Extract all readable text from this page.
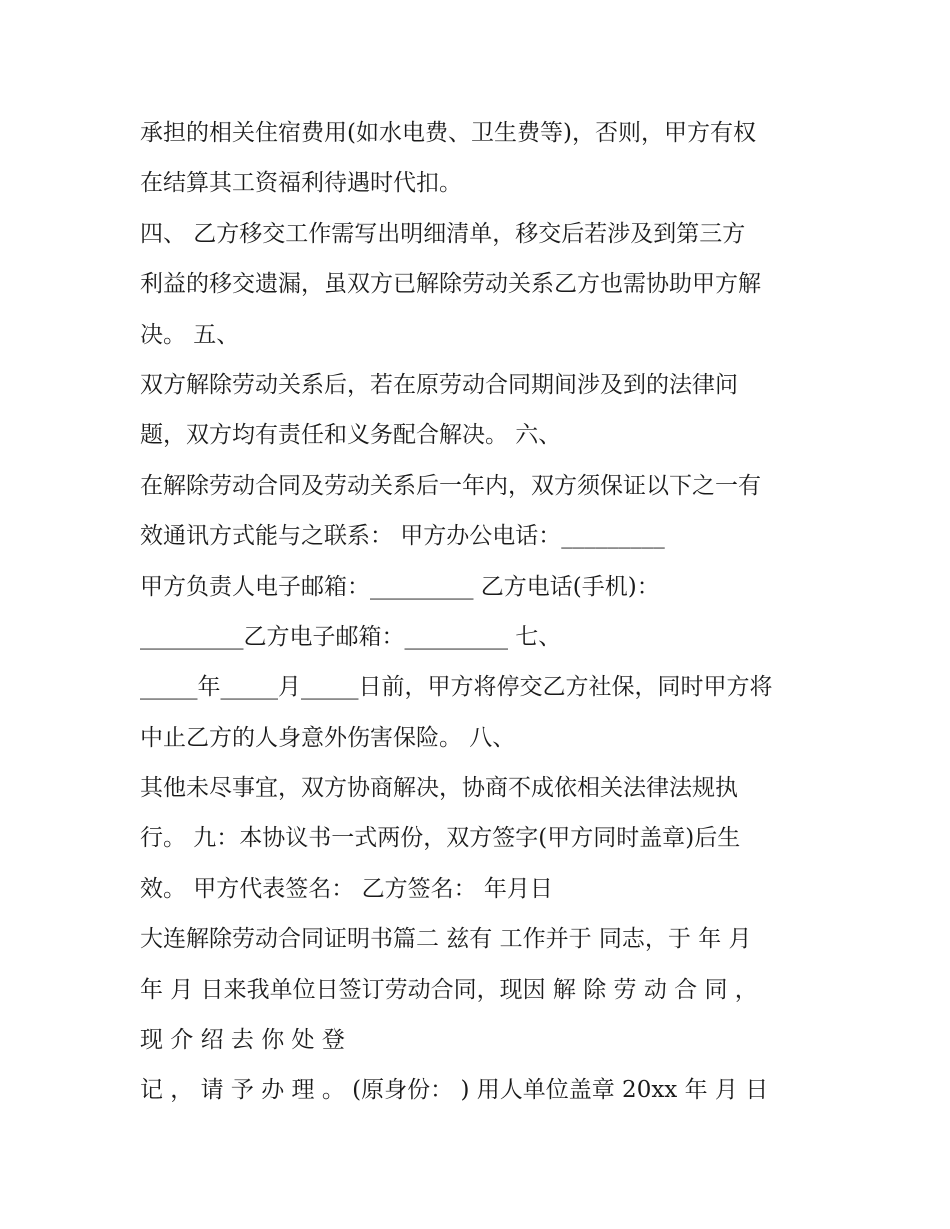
承担的相关住宿费用(如水电费、卫生费等)，否则，甲方有权
在结算其工资福利待遇时代扣。
四、 乙方移交工作需写出明细清单，移交后若涉及到第三方
利益的移交遗漏，虽双方已解除劳动关系乙方也需协助甲方解
决。 五、
双方解除劳动关系后，若在原劳动合同期间涉及到的法律问
题，双方均有责任和义务配合解决。 六、
在解除劳动合同及劳动关系后一年内，双方须保证以下之一有
效通讯方式能与之联系： 甲方办公电话：_________
甲方负责人电子邮箱：_________ 乙方电话(手机)：
_________乙方电子邮箱：_________ 七、
_____年_____月_____日前，甲方将停交乙方社保，同时甲方将
中止乙方的人身意外伤害保险。 八、
其他未尽事宜，双方协商解决，协商不成依相关法律法规执
行。 九：本协议书一式两份，双方签字(甲方同时盖章)后生
效。 甲方代表签名： 乙方签名： 年月日
大连解除劳动合同证明书篇二 兹有 工作并于 同志，于 年 月
年 月 日来我单位日签订劳动合同，现因 解 除 劳 动 合 同 ，
现 介 绍 去 你 处 登
记 ， 请 予 办 理 。 (原身份： ) 用人单位盖章 20xx 年 月 日
